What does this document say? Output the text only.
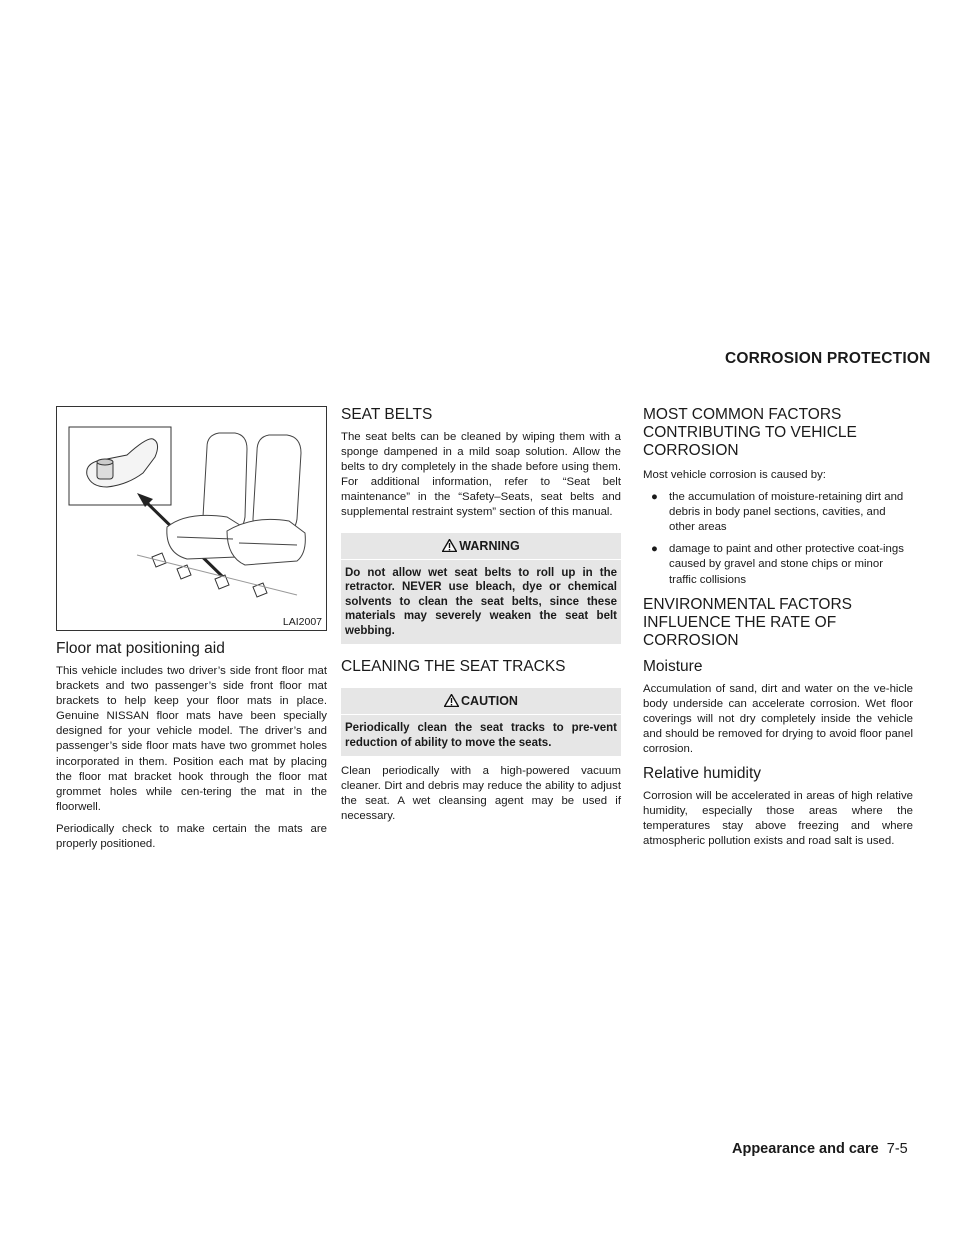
CORROSION PROTECTION
LAI2007
Floor mat positioning aid

This vehicle includes two driver’s side front floor mat brackets and two passenger’s side front floor mat brackets to help keep your floor mats in place. Genuine NISSAN floor mats have been specially designed for your vehicle model. The driver’s and passenger’s side floor mats have two grommet holes incorporated in them. Position each mat by placing the floor mat bracket hook through the floor mat grommet holes while cen-tering the mat in the floorwell.

Periodically check to make certain the mats are properly positioned.

SEAT BELTS

The seat belts can be cleaned by wiping them with a sponge dampened in a mild soap solution. Allow the belts to dry completely in the shade before using them. For additional information, refer to “Seat belt maintenance” in the “Safety–Seats, seat belts and supplemental restraint system” section of this manual.

WARNING
Do not allow wet seat belts to roll up in the retractor. NEVER use bleach, dye or chemical solvents to clean the seat belts, since these materials may severely weaken the seat belt webbing.
CLEANING THE SEAT TRACKS
CAUTION
Periodically clean the seat tracks to pre-vent reduction of ability to move the seats.

Clean periodically with a high-powered vacuum cleaner. Dirt and debris may reduce the ability to adjust the seat. A wet cleansing agent may be used if necessary.

MOST COMMON FACTORS CONTRIBUTING TO VEHICLE CORROSION

Most vehicle corrosion is caused by:

● the accumulation of moisture-retaining dirt and debris in body panel sections, cavities, and other areas
● damage to paint and other protective coat-ings caused by gravel and stone chips or minor traffic collisions
ENVIRONMENTAL FACTORS INFLUENCE THE RATE OF CORROSION
Moisture

Accumulation of sand, dirt and water on the ve-hicle body underside can accelerate corrosion. Wet floor coverings will not dry completely inside the vehicle and should be removed for drying to avoid floor panel corrosion.

Relative humidity

Corrosion will be accelerated in areas of high relative humidity, especially those areas where the temperatures stay above freezing and where atmospheric pollution exists and road salt is used.

Appearance and care 7-5
